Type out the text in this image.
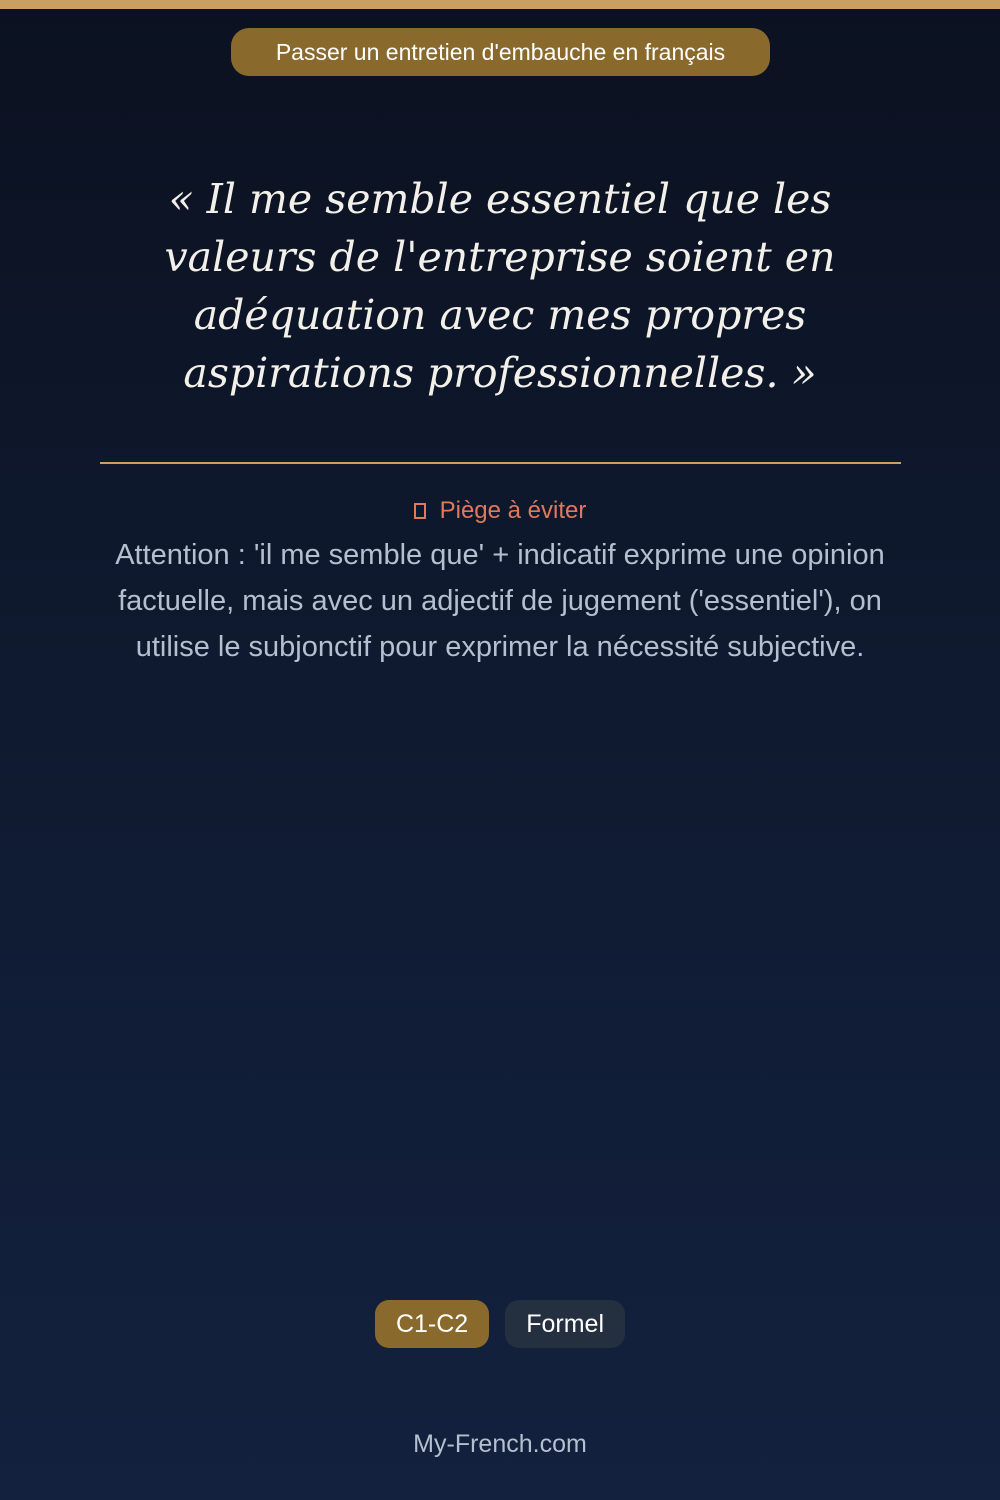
Passer un entretien d'embauche en français

« Il me semble essentiel que les valeurs de l'entreprise soient en adéquation avec mes propres aspirations professionnelles. »

Piège à éviter
Attention : 'il me semble que' + indicatif exprime une opinion factuelle, mais avec un adjectif de jugement ('essentiel'), on utilise le subjonctif pour exprimer la nécessité subjective.
C1-C2 Formel
My-French.com
